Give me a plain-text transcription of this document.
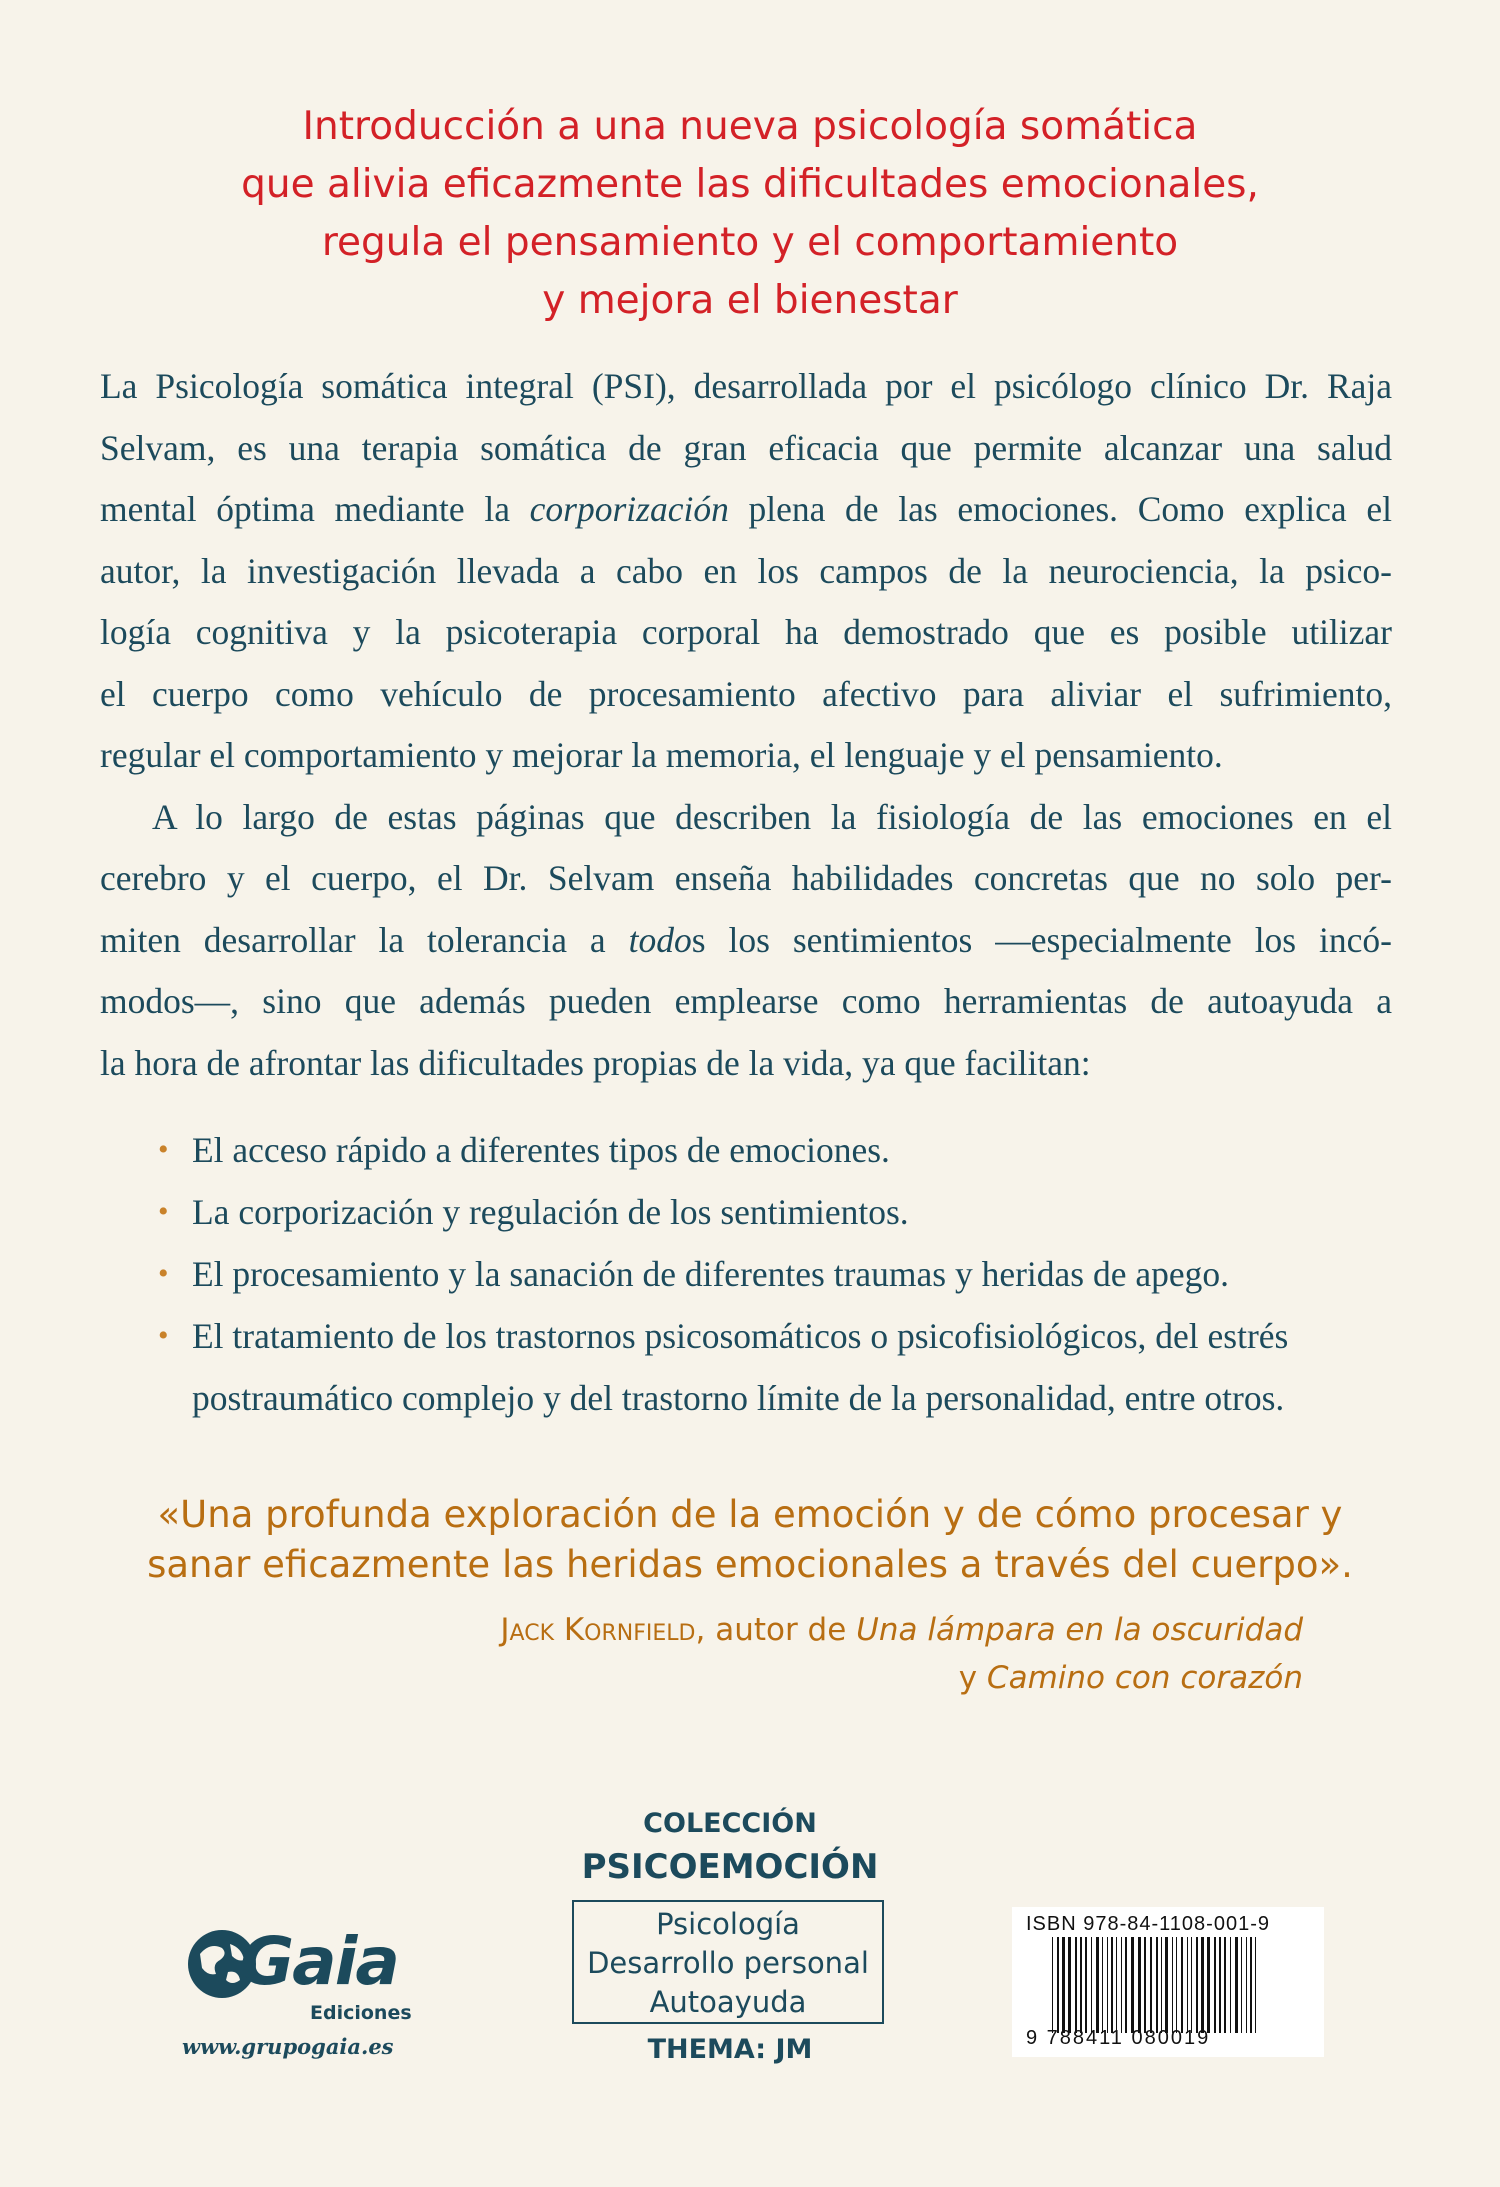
Introducción a una nueva psicología somática
que alivia eficazmente las dificultades emocionales,
regula el pensamiento y el comportamiento
y mejora el bienestar

La Psicología somática integral (PSI), desarrollada por el psicólogo clínico Dr. Raja
Selvam, es una terapia somática de gran eficacia que permite alcanzar una salud
mental óptima mediante la corporización plena de las emociones. Como explica el
autor, la investigación llevada a cabo en los campos de la neurociencia, la psico-
logía cognitiva y la psicoterapia corporal ha demostrado que es posible utilizar
el cuerpo como vehículo de procesamiento afectivo para aliviar el sufrimiento,
regular el comportamiento y mejorar la memoria, el lenguaje y el pensamiento.

A lo largo de estas páginas que describen la fisiología de las emociones en el
cerebro y el cuerpo, el Dr. Selvam enseña habilidades concretas que no solo per-
miten desarrollar la tolerancia a todos los sentimientos —especialmente los incó-
modos—, sino que además pueden emplearse como herramientas de autoayuda a
la hora de afrontar las dificultades propias de la vida, ya que facilitan:

• El acceso rápido a diferentes tipos de emociones.
• La corporización y regulación de los sentimientos.
• El procesamiento y la sanación de diferentes traumas y heridas de apego.
• El tratamiento de los trastornos psicosomáticos o psicofisiológicos, del estrés
postraumático complejo y del trastorno límite de la personalidad, entre otros.
«Una profunda exploración de la emoción y de cómo procesar y
sanar eficazmente las heridas emocionales a través del cuerpo».
Jack Kornfield, autor de Una lámpara en la oscuridad
y Camino con corazón
COLECCIÓN
PSICOEMOCIÓN
Psicología
Desarrollo personal
Autoayuda
THEMA: JM
Gaia
Ediciones
www.grupogaia.es
ISBN 978-84-1108-001-9
9 788411 080019
